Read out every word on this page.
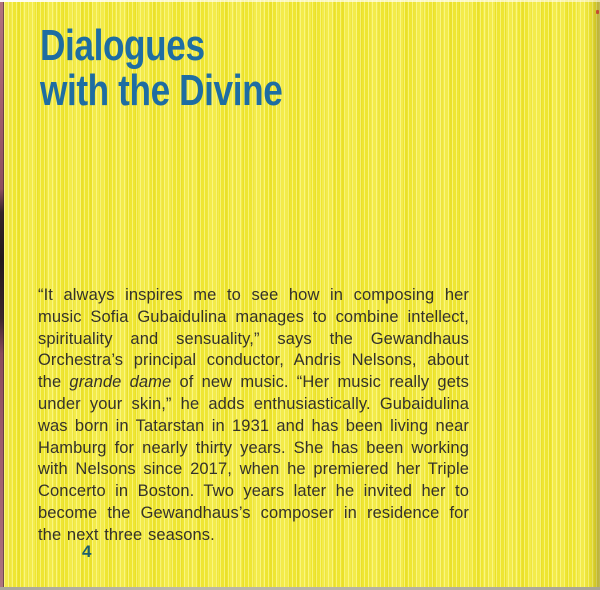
Dialogues
with the Divine

“It always inspires me to see how in composing her music Sofia Gubaidulina manages to combine intellect, spirituality and sensuality,” says the Gewandhaus Orchestra’s principal conductor, Andris Nelsons, about the grande dame of new music. “Her music really gets under your skin,” he adds enthusiastically. Gubaidulina was born in Tatarstan in 1931 and has been living near Hamburg for nearly thirty years. She has been working with Nelsons since 2017, when he premiered her Triple Concerto in Boston. Two years later he invited her to become the Gewandhaus’s composer in residence for the next three seasons.

4
